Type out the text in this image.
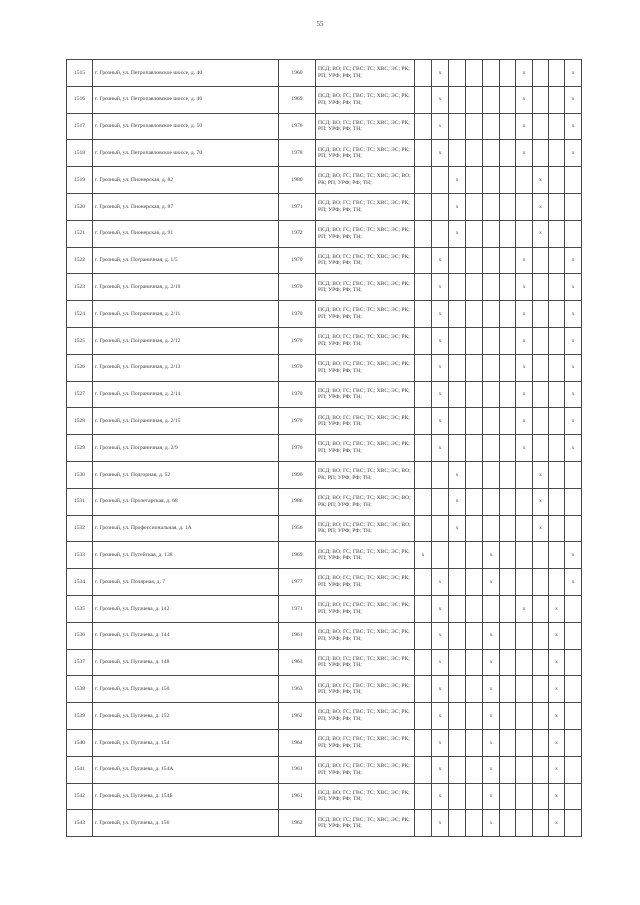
55
1515	г. Грозный, ул. Петропавловское шоссе, д. 40	1960	ПСД; ВО; ГС; ГВС; ТС; ХВС; ЭС; РК; РП; УРФ; РФ; ТН;		x					x			x
1516	г. Грозный, ул. Петропавловское шоссе, д. 46	1969	ПСД; ВО; ГС; ГВС; ТС; ХВС; ЭС; РК; РП; УРФ; РФ; ТН;		x					x			x
1517	г. Грозный, ул. Петропавловское шоссе, д. 50	1976	ПСД; ВО; ГС; ГВС; ТС; ХВС; ЭС; РК; РП; УРФ; РФ; ТН;		x					x			x
1518	г. Грозный, ул. Петропавловское шоссе, д. 70	1978	ПСД; ВО; ГС; ГВС; ТС; ХВС; ЭС; РК; РП; УРФ; РФ; ТН;		x					x			x
1519	г. Грозный, ул. Пионерская, д. 82	1980	ПСД; ВО; ГС; ГВС; ТС; ХВС; ЭС; ВО; РК; РП; УРФ; РФ; ТН;			x					x		
1520	г. Грозный, ул. Пионерская, д. 87	1971	ПСД; ВО; ГС; ГВС; ТС; ХВС; ЭС; РК; РП; УРФ; РФ; ТН;			x					x		
1521	г. Грозный, ул. Пионерская, д. 91	1972	ПСД; ВО; ГС; ГВС; ТС; ХВС; ЭС; РК; РП; УРФ; РФ; ТН;			x					x		
1522	г. Грозный, ул. Пограничная, д. 1/5	1970	ПСД; ВО; ГС; ГВС; ТС; ХВС; ЭС; РК; РП; УРФ; РФ; ТН;		x					x			x
1523	г. Грозный, ул. Пограничная, д. 2/10	1970	ПСД; ВО; ГС; ГВС; ТС; ХВС; ЭС; РК; РП; УРФ; РФ; ТН;		x					x			x
1524	г. Грозный, ул. Пограничная, д. 2/11	1970	ПСД; ВО; ГС; ГВС; ТС; ХВС; ЭС; РК; РП; УРФ; РФ; ТН;		x					x			x
1525	г. Грозный, ул. Пограничная, д. 2/12	1970	ПСД; ВО; ГС; ГВС; ТС; ХВС; ЭС; РК; РП; УРФ; РФ; ТН;		x					x			x
1526	г. Грозный, ул. Пограничная, д. 2/13	1970	ПСД; ВО; ГС; ГВС; ТС; ХВС; ЭС; РК; РП; УРФ; РФ; ТН;		x					x			x
1527	г. Грозный, ул. Пограничная, д. 2/14	1970	ПСД; ВО; ГС; ГВС; ТС; ХВС; ЭС; РК; РП; УРФ; РФ; ТН;		x					x			x
1528	г. Грозный, ул. Пограничная, д. 2/15	1970	ПСД; ВО; ГС; ГВС; ТС; ХВС; ЭС; РК; РП; УРФ; РФ; ТН;		x					x			x
1529	г. Грозный, ул. Пограничная, д. 2/9	1970	ПСД; ВО; ГС; ГВС; ТС; ХВС; ЭС; РК; РП; УРФ; РФ; ТН;		x					x			x
1530	г. Грозный, ул. Подгорная, д. 52	1990	ПСД; ВО; ГС; ГВС; ТС; ХВС; ЭС; ВО; РК; РП; УРФ; РФ; ТН;			x					x		
1531	г. Грозный, ул. Пролетарская, д. 68	1986	ПСД; ВО; ГС; ГВС; ТС; ХВС; ЭС; ВО; РК; РП; УРФ; РФ; ТН;			x					x		
1532	г. Грозный, ул. Профессиональная, д. 1А	1956	ПСД; ВО; ГС; ГВС; ТС; ХВС; ЭС; ВО; РК; РП; УРФ; РФ; ТН;			x					x		
1533	г. Грозный, ул. Путейская, д. 138	1969	ПСД; ВО; ГС; ГВС; ТС; ХВС; ЭС; РК; РП; УРФ; РФ; ТН;	x				x					x
1534	г. Грозный, ул. Полярная, д. 7	1977	ПСД; ВО; ГС; ГВС; ТС; ХВС; ЭС; РК; РП; УРФ; РФ; ТН;		x			x					x
1535	г. Грозный, ул. Пугачева, д. 142	1971	ПСД; ВО; ГС; ГВС; ТС; ХВС; ЭС; РК; РП; УРФ; РФ; ТН;		x					x		x	
1536	г. Грозный, ул. Пугачева, д. 144	1961	ПСД; ВО; ГС; ГВС; ТС; ХВС; ЭС; РК; РП; УРФ; РФ; ТН;		x			x				x	
1537	г. Грозный, ул. Пугачева, д. 148	1963	ПСД; ВО; ГС; ГВС; ТС; ХВС; ЭС; РК; РП; УРФ; РФ; ТН;		x			x				x	
1538	г. Грозный, ул. Пугачева, д. 150	1963	ПСД; ВО; ГС; ГВС; ТС; ХВС; ЭС; РК; РП; УРФ; РФ; ТН;		x			x				x	
1539	г. Грозный, ул. Пугачева, д. 152	1962	ПСД; ВО; ГС; ГВС; ТС; ХВС; ЭС; РК; РП; УРФ; РФ; ТН;		x			x				x	
1540	г. Грозный, ул. Пугачева, д. 154	1964	ПСД; ВО; ГС; ГВС; ТС; ХВС; ЭС; РК; РП; УРФ; РФ; ТН;		x			x				x	
1541	г. Грозный, ул. Пугачева, д. 154А	1961	ПСД; ВО; ГС; ГВС; ТС; ХВС; ЭС; РК; РП; УРФ; РФ; ТН;		x			x				x	
1542	г. Грозный, ул. Пугачева, д. 154Б	1961	ПСД; ВО; ГС; ГВС; ТС; ХВС; ЭС; РК; РП; УРФ; РФ; ТН;		x			x				x	
1543	г. Грозный, ул. Пугачева, д. 156	1962	ПСД; ВО; ГС; ГВС; ТС; ХВС; ЭС; РК; РП; УРФ; РФ; ТН;		x			x				x	
